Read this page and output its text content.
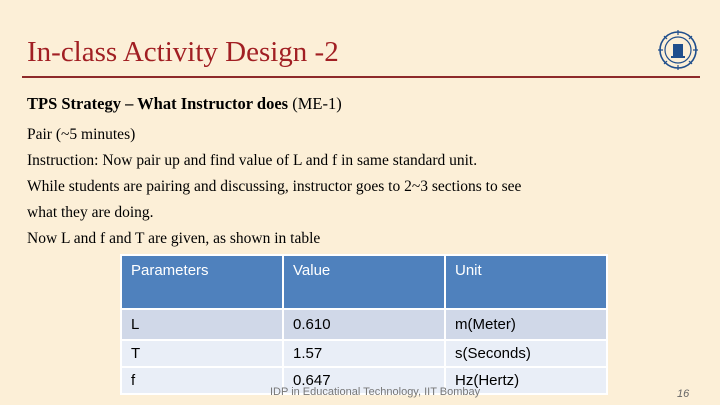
In-class Activity Design -2
TPS Strategy – What Instructor does (ME-1)
Pair (~5 minutes)
Instruction: Now pair up and find value of L and f in same standard unit.
While students are pairing and discussing, instructor goes to 2~3 sections to see
what they are doing.
Now L and f and T are given, as shown in table
Parameters	Value	Unit
L	0.610	m(Meter)
T	1.57	s(Seconds)
f	0.647	Hz(Hertz)
IDP in Educational Technology, IIT Bombay	16
